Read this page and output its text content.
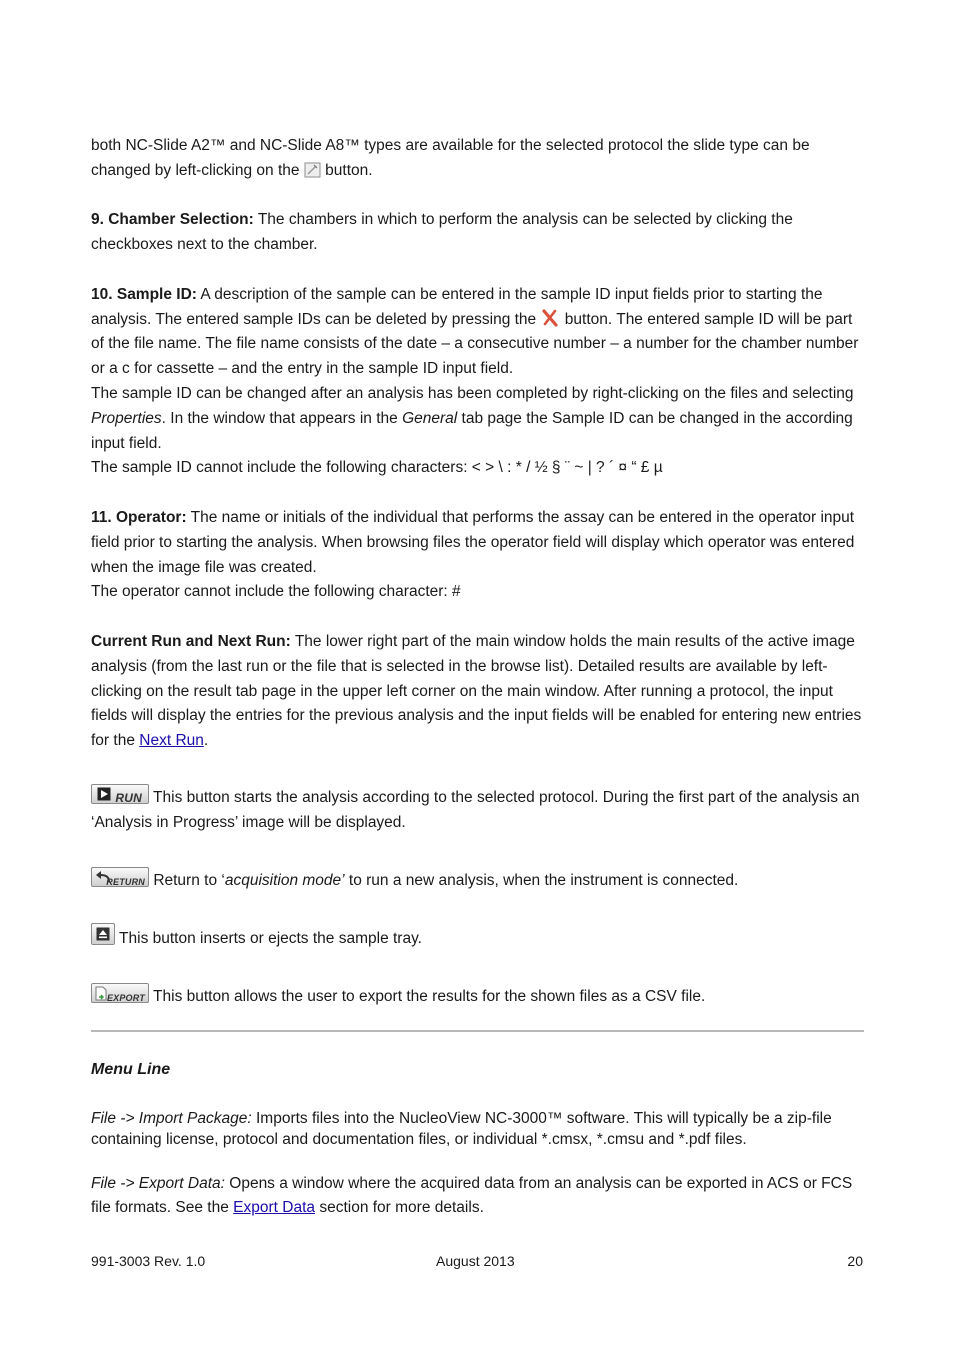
both NC-Slide A2™ and NC-Slide A8™ types are available for the selected protocol the slide type can be
changed by left-clicking on the button.

9. Chamber Selection: The chambers in which to perform the analysis can be selected by clicking the checkboxes next to the chamber.

10. Sample ID: A description of the sample can be entered in the sample ID input fields prior to starting the analysis. The entered sample IDs can be deleted by pressing the button. The entered sample ID will be part of the file name. The file name consists of the date – a consecutive number – a number for the chamber number or a c for cassette – and the entry in the sample ID input field.

The sample ID can be changed after an analysis has been completed by right-clicking on the files and selecting Properties. In the window that appears in the General tab page the Sample ID can be changed in the according input field.

The sample ID cannot include the following characters: < > \ : * / ½ § ¨ ~ | ? ´ ¤ “ £ µ

11. Operator: The name or initials of the individual that performs the assay can be entered in the operator input field prior to starting the analysis. When browsing files the operator field will display which operator was entered when the image file was created.

The operator cannot include the following character: #

Current Run and Next Run: The lower right part of the main window holds the main results of the active image analysis (from the last run or the file that is selected in the browse list). Detailed results are available by left-clicking on the result tab page in the upper left corner on the main window. After running a protocol, the input fields will display the entries for the previous analysis and the input fields will be enabled for entering new entries for the Next Run.

RUN This button starts the analysis according to the selected protocol. During the first part of the analysis an ‘Analysis in Progress’ image will be displayed.

RETURN Return to ‘acquisition mode’ to run a new analysis, when the instrument is connected.

This button inserts or ejects the sample tray.

EXPORT This button allows the user to export the results for the shown files as a CSV file.

Menu Line

File -> Import Package: Imports files into the NucleoView NC-3000™ software. This will typically be a zip-file containing license, protocol and documentation files, or individual *.cmsx, *.cmsu and *.pdf files.

File -> Export Data: Opens a window where the acquired data from an analysis can be exported in ACS or FCS file formats. See the Export Data section for more details.

991-3003 Rev. 1.0	August 2013	20
